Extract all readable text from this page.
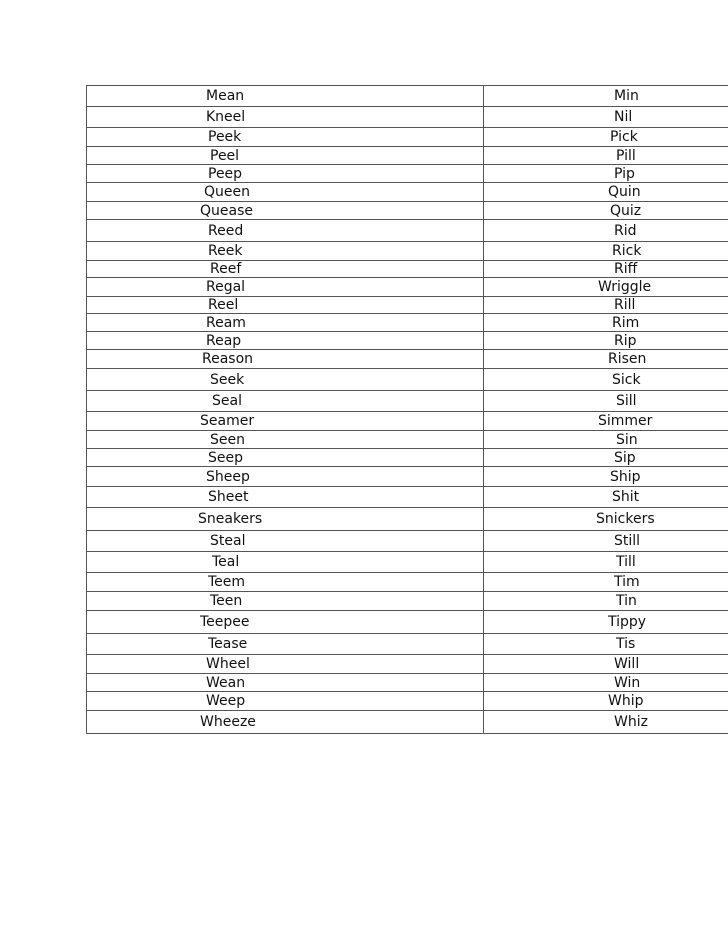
Mean	Min
Kneel	Nil
Peek	Pick
Peel	Pill
Peep	Pip
Queen	Quin
Quease	Quiz
Reed	Rid
Reek	Rick
Reef	Riff
Regal	Wriggle
Reel	Rill
Ream	Rim
Reap	Rip
Reason	Risen
Seek	Sick
Seal	Sill
Seamer	Simmer
Seen	Sin
Seep	Sip
Sheep	Ship
Sheet	Shit
Sneakers	Snickers
Steal	Still
Teal	Till
Teem	Tim
Teen	Tin
Teepee	Tippy
Tease	Tis
Wheel	Will
Wean	Win
Weep	Whip
Wheeze	Whiz
